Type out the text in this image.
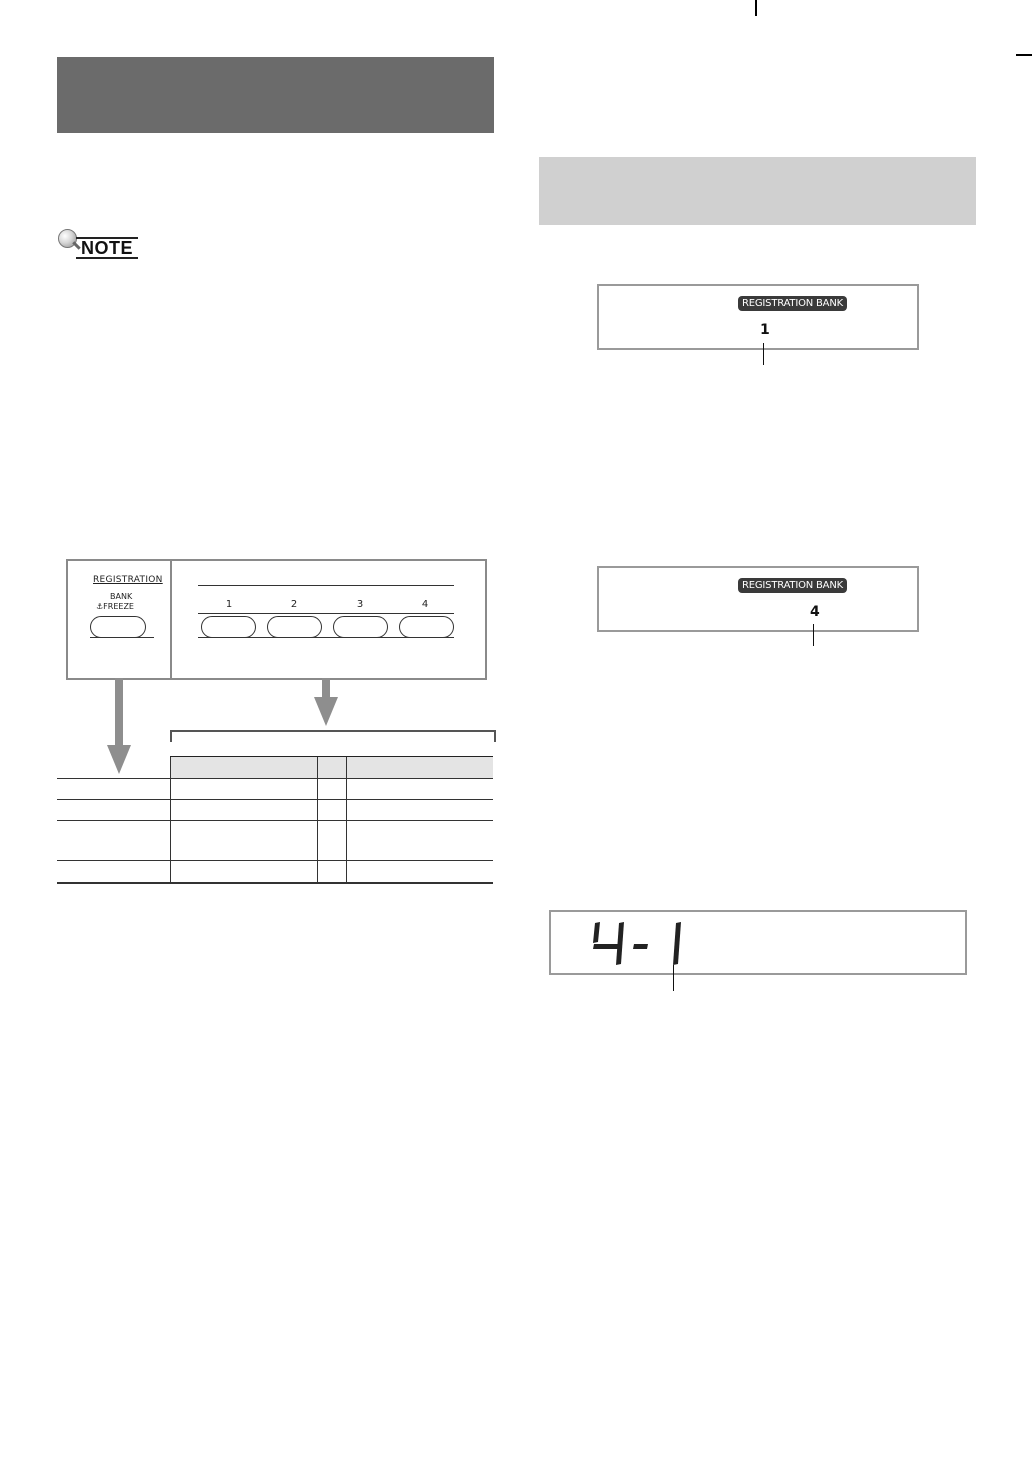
NOTE
REGISTRATION
BANK
⚓FREEZE	1	2	3	4
REGISTRATION BANK
1
REGISTRATION BANK
4
